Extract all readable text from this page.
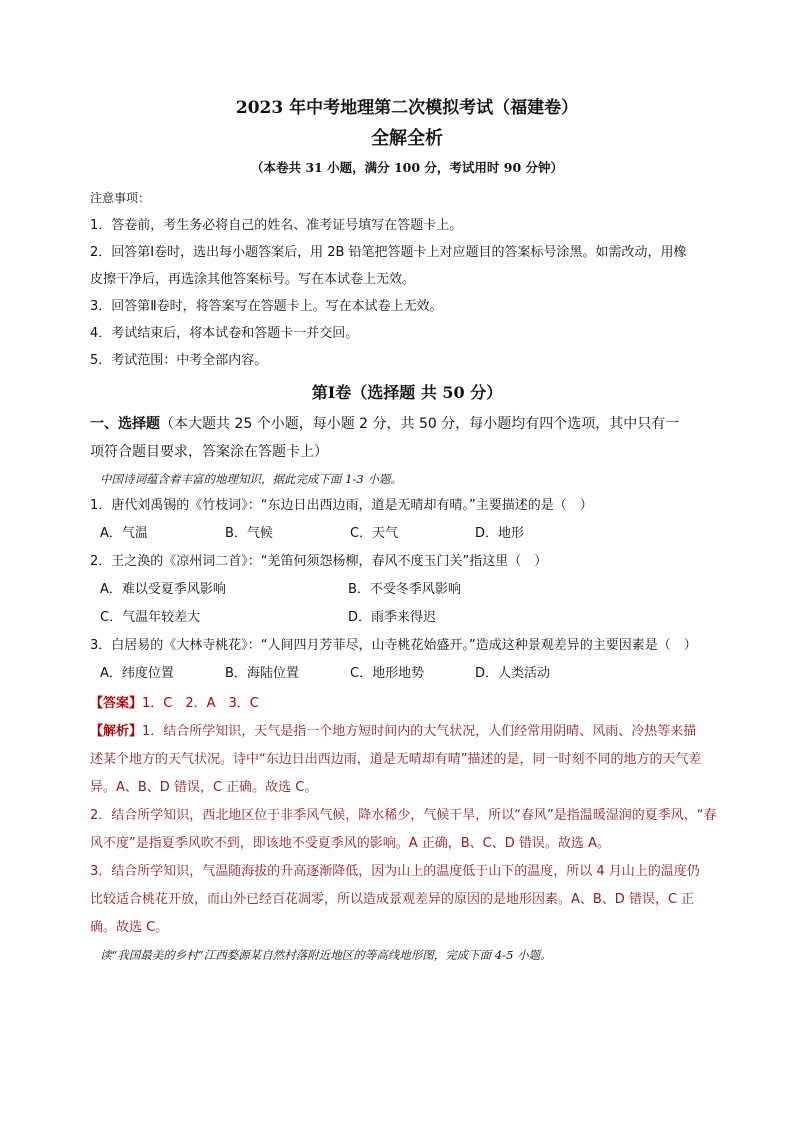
2023 年中考地理第二次模拟考试（福建卷）
全解全析
（本卷共 31 小题，满分 100 分，考试用时 90 分钟）
注意事项：

1．答卷前，考生务必将自己的姓名、准考证号填写在答题卡上。

2．回答第Ⅰ卷时，选出每小题答案后，用 2B 铅笔把答题卡上对应题目的答案标号涂黑。如需改动，用橡

皮擦干净后，再选涂其他答案标号。写在本试卷上无效。

3．回答第Ⅱ卷时，将答案写在答题卡上。写在本试卷上无效。

4．考试结束后，将本试卷和答题卡一并交回。

5．考试范围：中考全部内容。

第Ⅰ卷（选择题 共 50 分）

一、选择题（本大题共 25 个小题，每小题 2 分，共 50 分，每小题均有四个选项，其中只有一

项符合题目要求，答案涂在答题卡上）

中国诗词蕴含着丰富的地理知识，据此完成下面 1-3 小题。

1．唐代刘禹锡的《竹枝词》：“东边日出西边雨，道是无晴却有晴。”主要描述的是（　）

A．气温	B．气候	C．天气	D．地形

2．王之涣的《凉州词二首》：“羌笛何须怨杨柳，春风不度玉门关”指这里（　）

A．难以受夏季风影响	B．不受冬季风影响
C．气温年较差大	D．雨季来得迟

3．白居易的《大林寺桃花》：“人间四月芳菲尽，山寺桃花始盛开。”造成这种景观差异的主要因素是（　）

A．纬度位置	B．海陆位置	C．地形地势	D．人类活动

【答案】1．C　2．A　3．C

【解析】1．结合所学知识，天气是指一个地方短时间内的大气状况，人们经常用阴晴、风雨、冷热等来描

述某个地方的天气状况。诗中“东边日出西边雨，道是无晴却有晴”描述的是，同一时刻不同的地方的天气差

异。A、B、D 错误，C 正确。故选 C。

2．结合所学知识，西北地区位于非季风气候，降水稀少，气候干旱，所以“春风”是指温暖湿润的夏季风，“春

风不度”是指夏季风吹不到，即该地不受夏季风的影响。A 正确，B、C、D 错误。故选 A。

3．结合所学知识，气温随海拔的升高逐渐降低，因为山上的温度低于山下的温度，所以 4 月山上的温度仍

比较适合桃花开放，而山外已经百花凋零，所以造成景观差异的原因的是地形因素。A、B、D 错误，C 正

确。故选 C。

读“我国最美的乡村”江西婺源某自然村落附近地区的等高线地形图，完成下面 4-5 小题。
